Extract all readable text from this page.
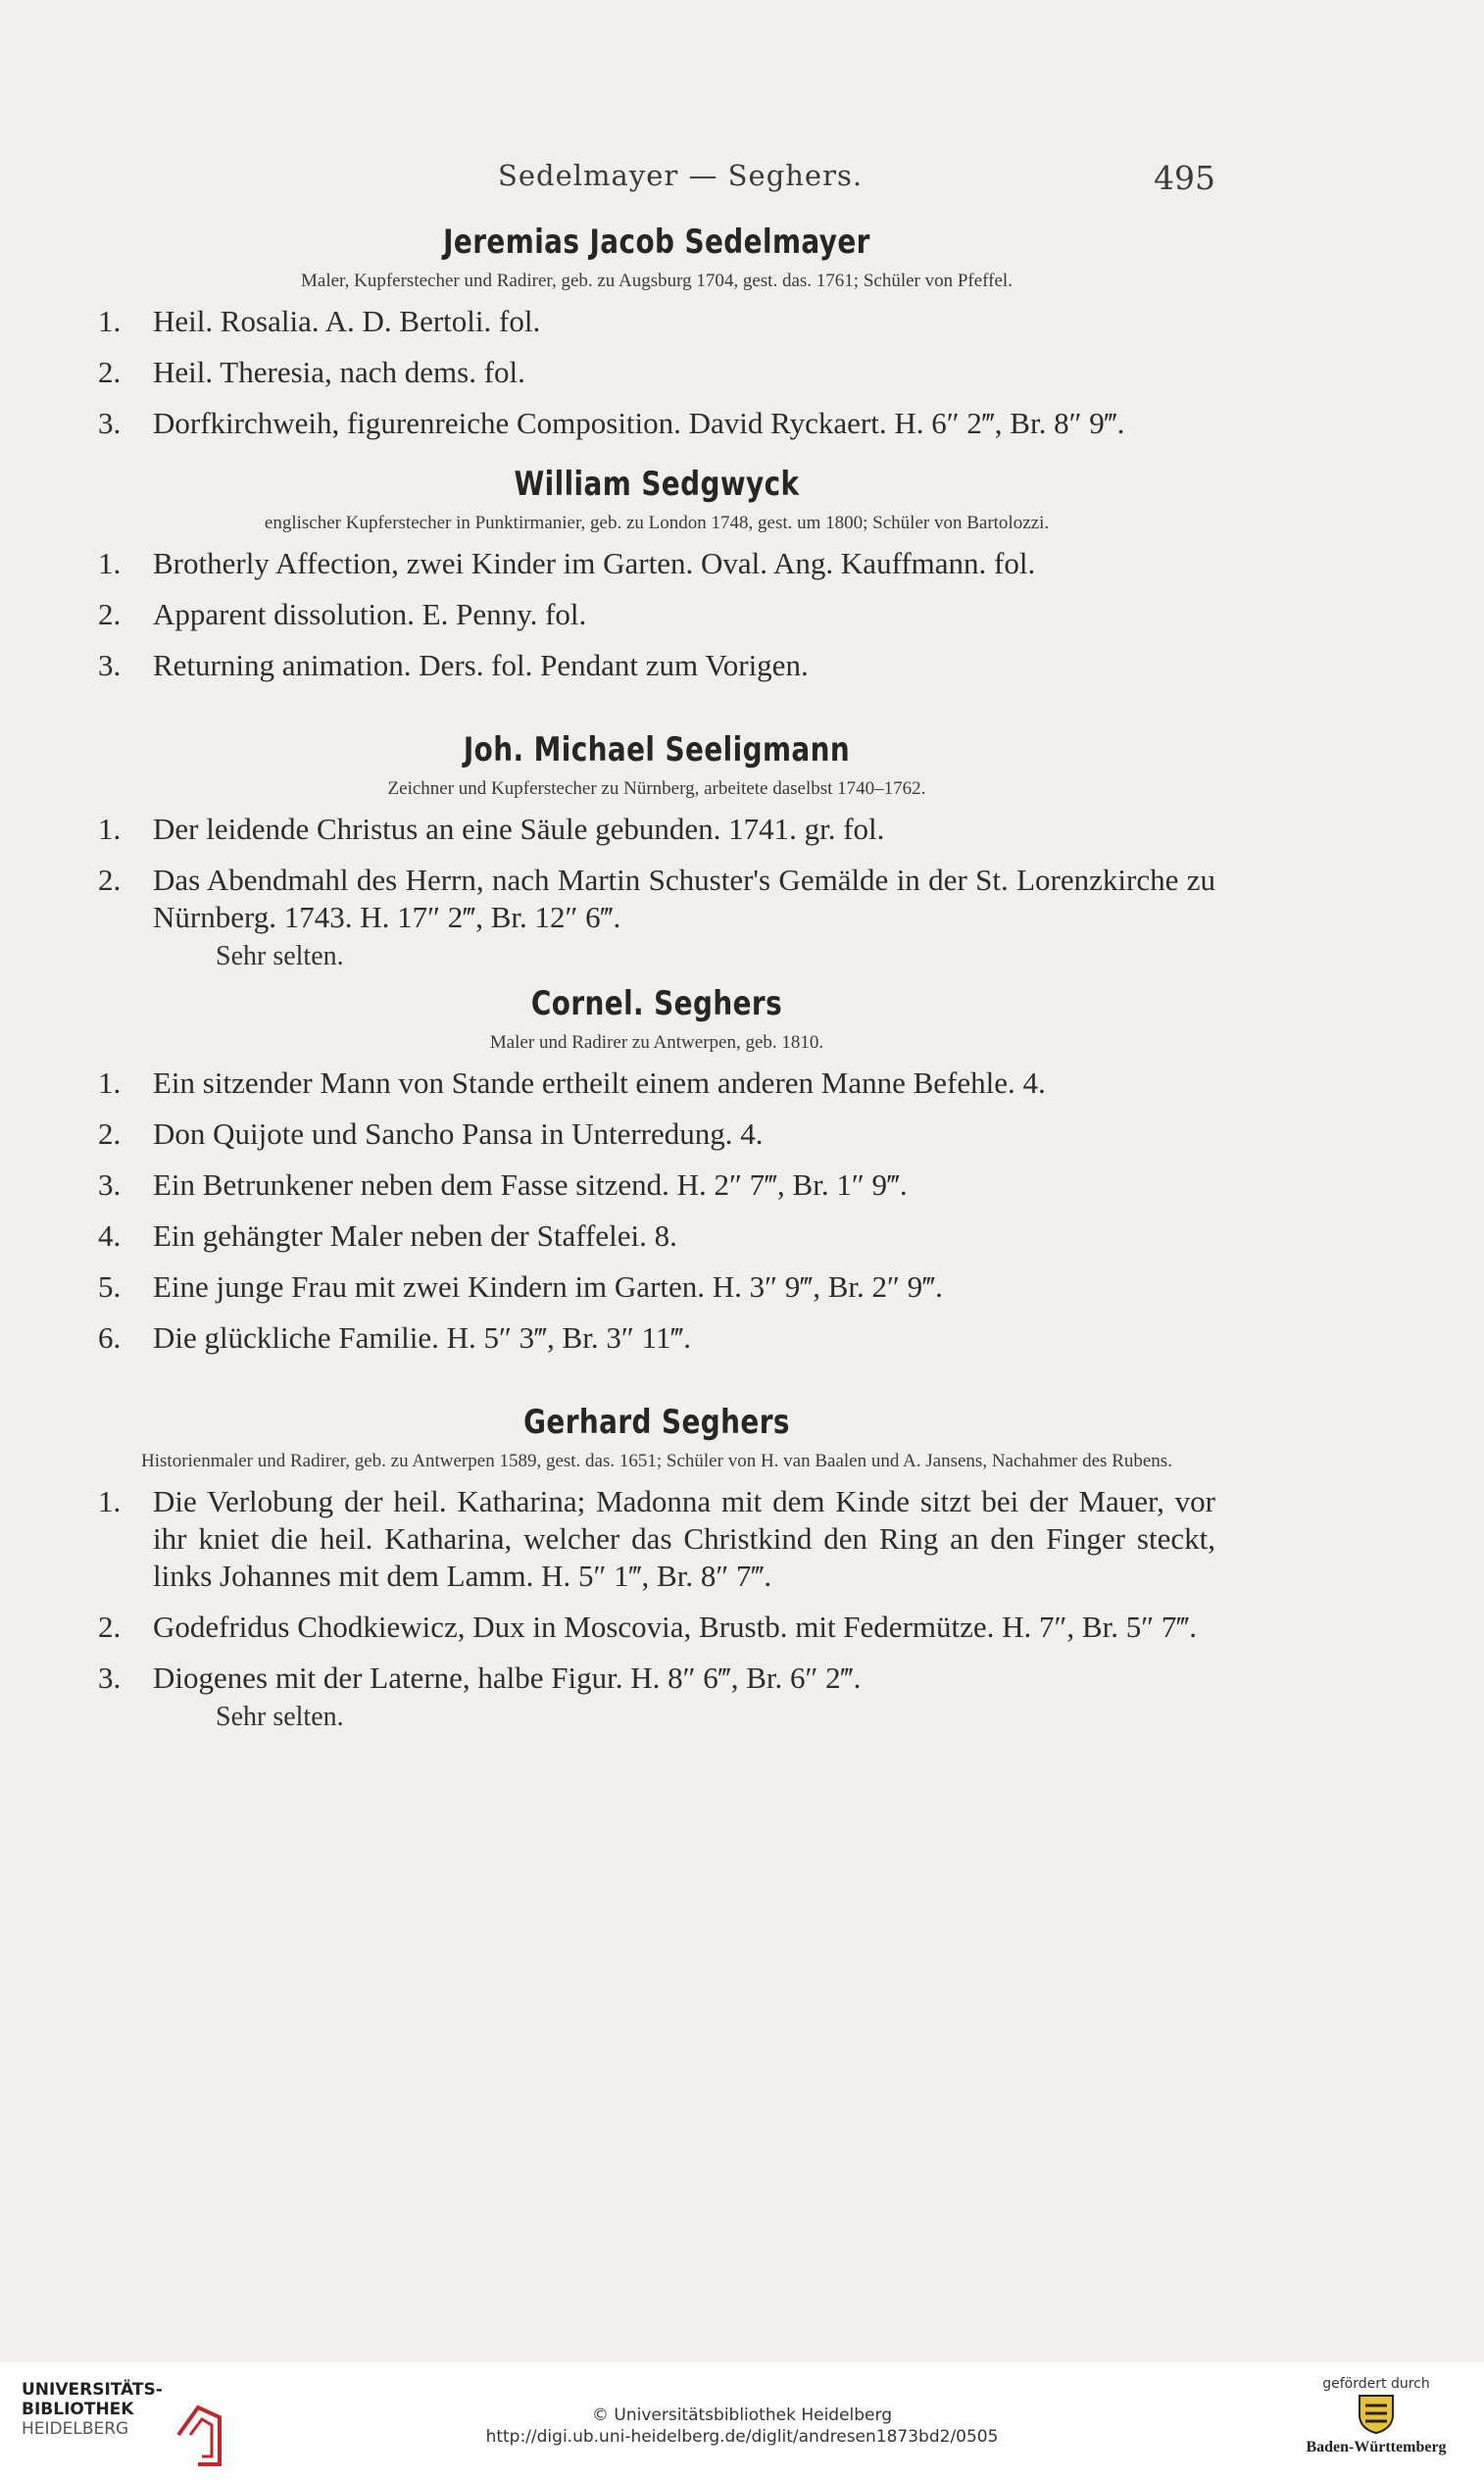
Sedelmayer — Seghers.	495
Jeremias Jacob Sedelmayer

Maler, Kupferstecher und Radirer, geb. zu Augsburg 1704, gest. das. 1761; Schüler von Pfeffel.

1. Heil. Rosalia. A. D. Bertoli. fol.
2. Heil. Theresia, nach dems. fol.
3. Dorfkirchweih, figurenreiche Composition. David Ryckaert. H. 6″ 2‴, Br. 8″ 9‴.
William Sedgwyck

englischer Kupferstecher in Punktirmanier, geb. zu London 1748, gest. um 1800; Schüler von Bartolozzi.

1. Brotherly Affection, zwei Kinder im Garten. Oval. Ang. Kauffmann. fol.
2. Apparent dissolution. E. Penny. fol.
3. Returning animation. Ders. fol. Pendant zum Vorigen.
Joh. Michael Seeligmann

Zeichner und Kupferstecher zu Nürnberg, arbeitete daselbst 1740–1762.

1. Der leidende Christus an eine Säule gebunden. 1741. gr. fol.
2. Das Abendmahl des Herrn, nach Martin Schuster's Gemälde in der St. Lorenzkirche zu Nürnberg. 1743. H. 17″ 2‴, Br. 12″ 6‴.
Sehr selten.
Cornel. Seghers

Maler und Radirer zu Antwerpen, geb. 1810.

1. Ein sitzender Mann von Stande ertheilt einem anderen Manne Befehle. 4.
2. Don Quijote und Sancho Pansa in Unterredung. 4.
3. Ein Betrunkener neben dem Fasse sitzend. H. 2″ 7‴, Br. 1″ 9‴.
4. Ein gehängter Maler neben der Staffelei. 8.
5. Eine junge Frau mit zwei Kindern im Garten. H. 3″ 9‴, Br. 2″ 9‴.
6. Die glückliche Familie. H. 5″ 3‴, Br. 3″ 11‴.
Gerhard Seghers

Historienmaler und Radirer, geb. zu Antwerpen 1589, gest. das. 1651; Schüler von H. van Baalen und A. Jansens, Nachahmer des Rubens.

1. Die Verlobung der heil. Katharina; Madonna mit dem Kinde sitzt bei der Mauer, vor ihr kniet die heil. Katharina, welcher das Christkind den Ring an den Finger steckt, links Johannes mit dem Lamm. H. 5″ 1‴, Br. 8″ 7‴.
2. Godefridus Chodkiewicz, Dux in Moscovia, Brustb. mit Federmütze. H. 7″, Br. 5″ 7‴.
3. Diogenes mit der Laterne, halbe Figur. H. 8″ 6‴, Br. 6″ 2‴.
Sehr selten.
UNIVERSITÄTS-
BIBLIOTHEK
HEIDELBERG
© Universitätsbibliothek Heidelberg
http://digi.ub.uni-heidelberg.de/diglit/andresen1873bd2/0505
gefördert durch
Baden-Württemberg
